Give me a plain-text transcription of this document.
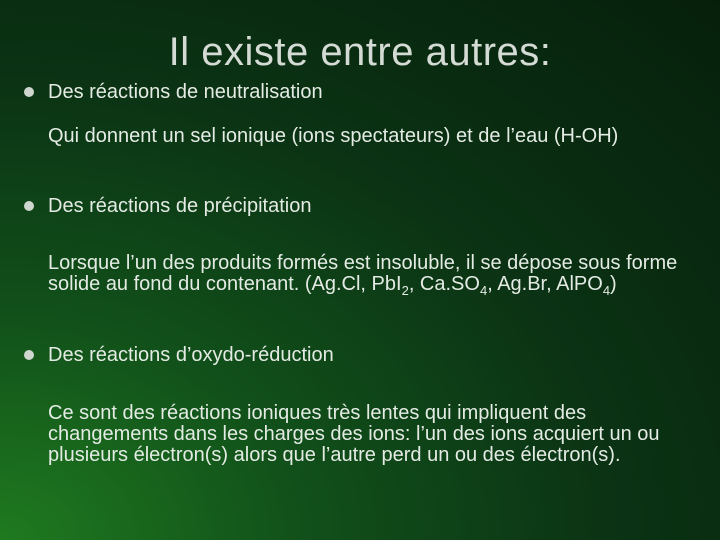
Il existe entre autres:
Des réactions de neutralisation
Qui donnent un sel ionique (ions spectateurs) et de l’eau (H-OH)
Des réactions de précipitation
Lorsque l’un des produits formés est insoluble, il se dépose sous forme solide au fond du contenant. (Ag.Cl, PbI$_2$, $Ca.SO_4$, Ag.Br, AlPO$_4$)
Des réactions d’oxydo-réduction
Ce sont des réactions ioniques très lentes qui impliquent des changements dans les charges des ions: l’un des ions acquiert un ou plusieurs électron(s) alors que l’autre perd un ou des électron(s).
